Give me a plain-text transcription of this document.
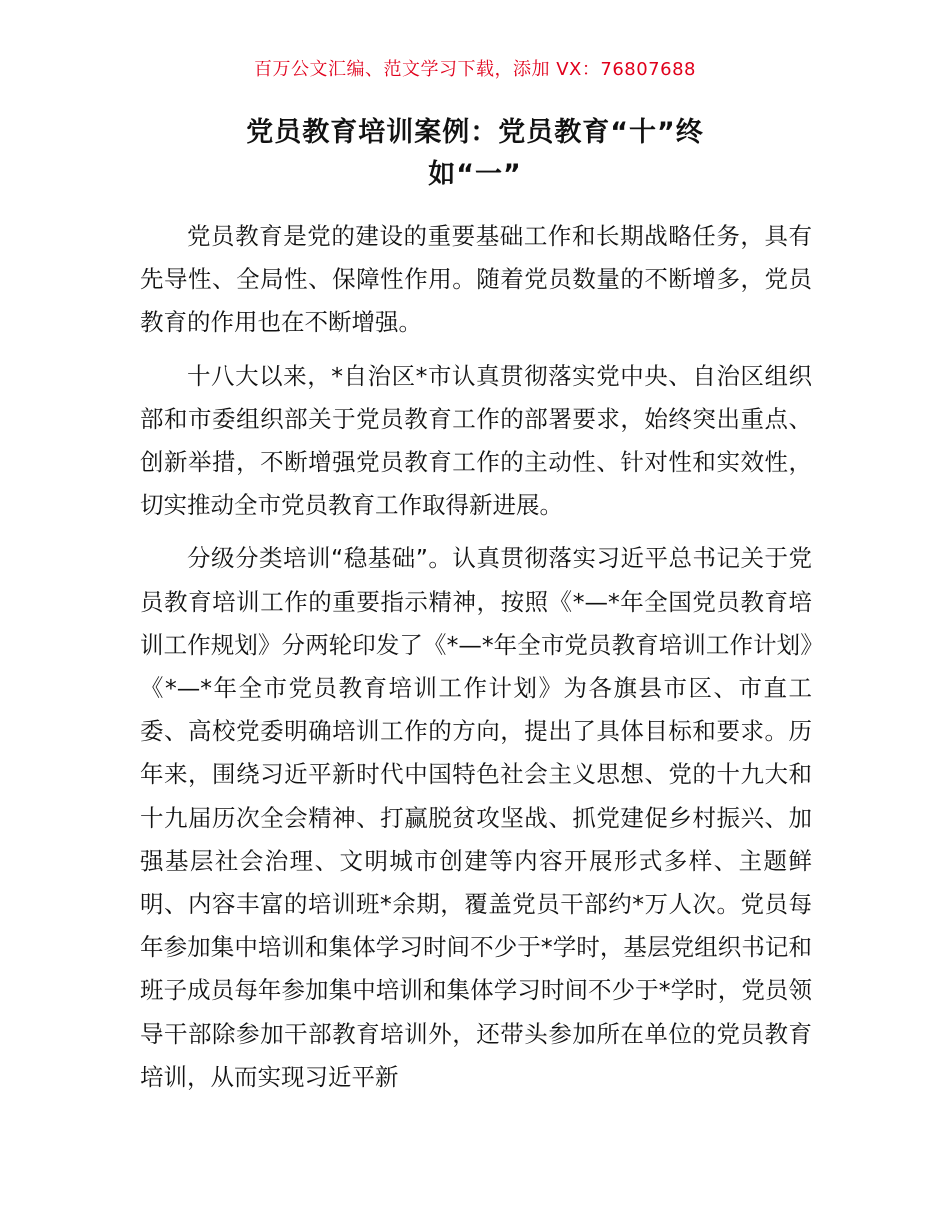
百万公文汇编、范文学习下载，添加 VX：76807688
党员教育培训案例：党员教育“十”终
如“一”

党员教育是党的建设的重要基础工作和长期战略任务，具有先导性、全局性、保障性作用。随着党员数量的不断增多，党员教育的作用也在不断增强。

十八大以来，*自治区*市认真贯彻落实党中央、自治区组织部和市委组织部关于党员教育工作的部署要求，始终突出重点、创新举措，不断增强党员教育工作的主动性、针对性和实效性，切实推动全市党员教育工作取得新进展。

分级分类培训“稳基础”。认真贯彻落实习近平总书记关于党员教育培训工作的重要指示精神，按照《*—*年全国党员教育培训工作规划》分两轮印发了《*—*年全市党员教育培训工作计划》《*—*年全市党员教育培训工作计划》为各旗县市区、市直工委、高校党委明确培训工作的方向，提出了具体目标和要求。历年来，围绕习近平新时代中国特色社会主义思想、党的十九大和十九届历次全会精神、打赢脱贫攻坚战、抓党建促乡村振兴、加强基层社会治理、文明城市创建等内容开展形式多样、主题鲜明、内容丰富的培训班*余期，覆盖党员干部约*万人次。党员每年参加集中培训和集体学习时间不少于*学时，基层党组织书记和班子成员每年参加集中培训和集体学习时间不少于*学时，党员领导干部除参加干部教育培训外，还带头参加所在单位的党员教育培训，从而实现习近平新
